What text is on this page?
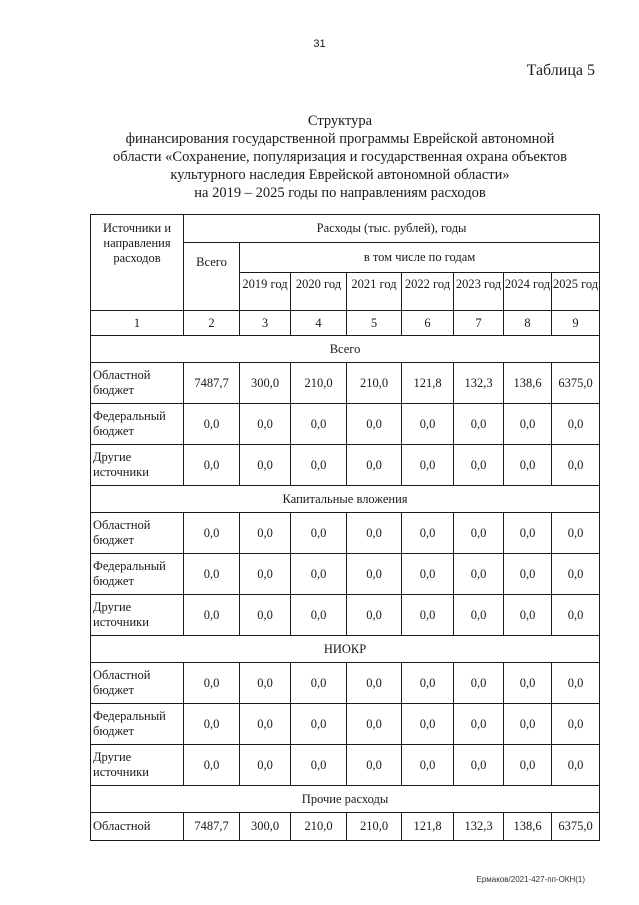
31
Таблица 5
Структура
финансирования государственной программы Еврейской автономной
области «Сохранение, популяризация и государственная охрана объектов
культурного наследия Еврейской автономной области»
на 2019 – 2025 годы по направлениям расходов
Источники и направления расходов	Расходы (тыс. рублей), годы							
	Всего	в том числе по годам						
		2019 год	2020 год	2021 год	2022 год	2023 год	2024 год	2025 год
1	2	3	4	5	6	7	8	9
Всего								
Областной бюджет	7487,7	300,0	210,0	210,0	121,8	132,3	138,6	6375,0
Федеральный бюджет	0,0	0,0	0,0	0,0	0,0	0,0	0,0	0,0
Другие источники	0,0	0,0	0,0	0,0	0,0	0,0	0,0	0,0
Капитальные вложения								
Областной бюджет	0,0	0,0	0,0	0,0	0,0	0,0	0,0	0,0
Федеральный бюджет	0,0	0,0	0,0	0,0	0,0	0,0	0,0	0,0
Другие источники	0,0	0,0	0,0	0,0	0,0	0,0	0,0	0,0
НИОКР								
Областной бюджет	0,0	0,0	0,0	0,0	0,0	0,0	0,0	0,0
Федеральный бюджет	0,0	0,0	0,0	0,0	0,0	0,0	0,0	0,0
Другие источники	0,0	0,0	0,0	0,0	0,0	0,0	0,0	0,0
Прочие расходы								
Областной	7487,7	300,0	210,0	210,0	121,8	132,3	138,6	6375,0
Ермаков/2021-427-пп-ОКН(1)
